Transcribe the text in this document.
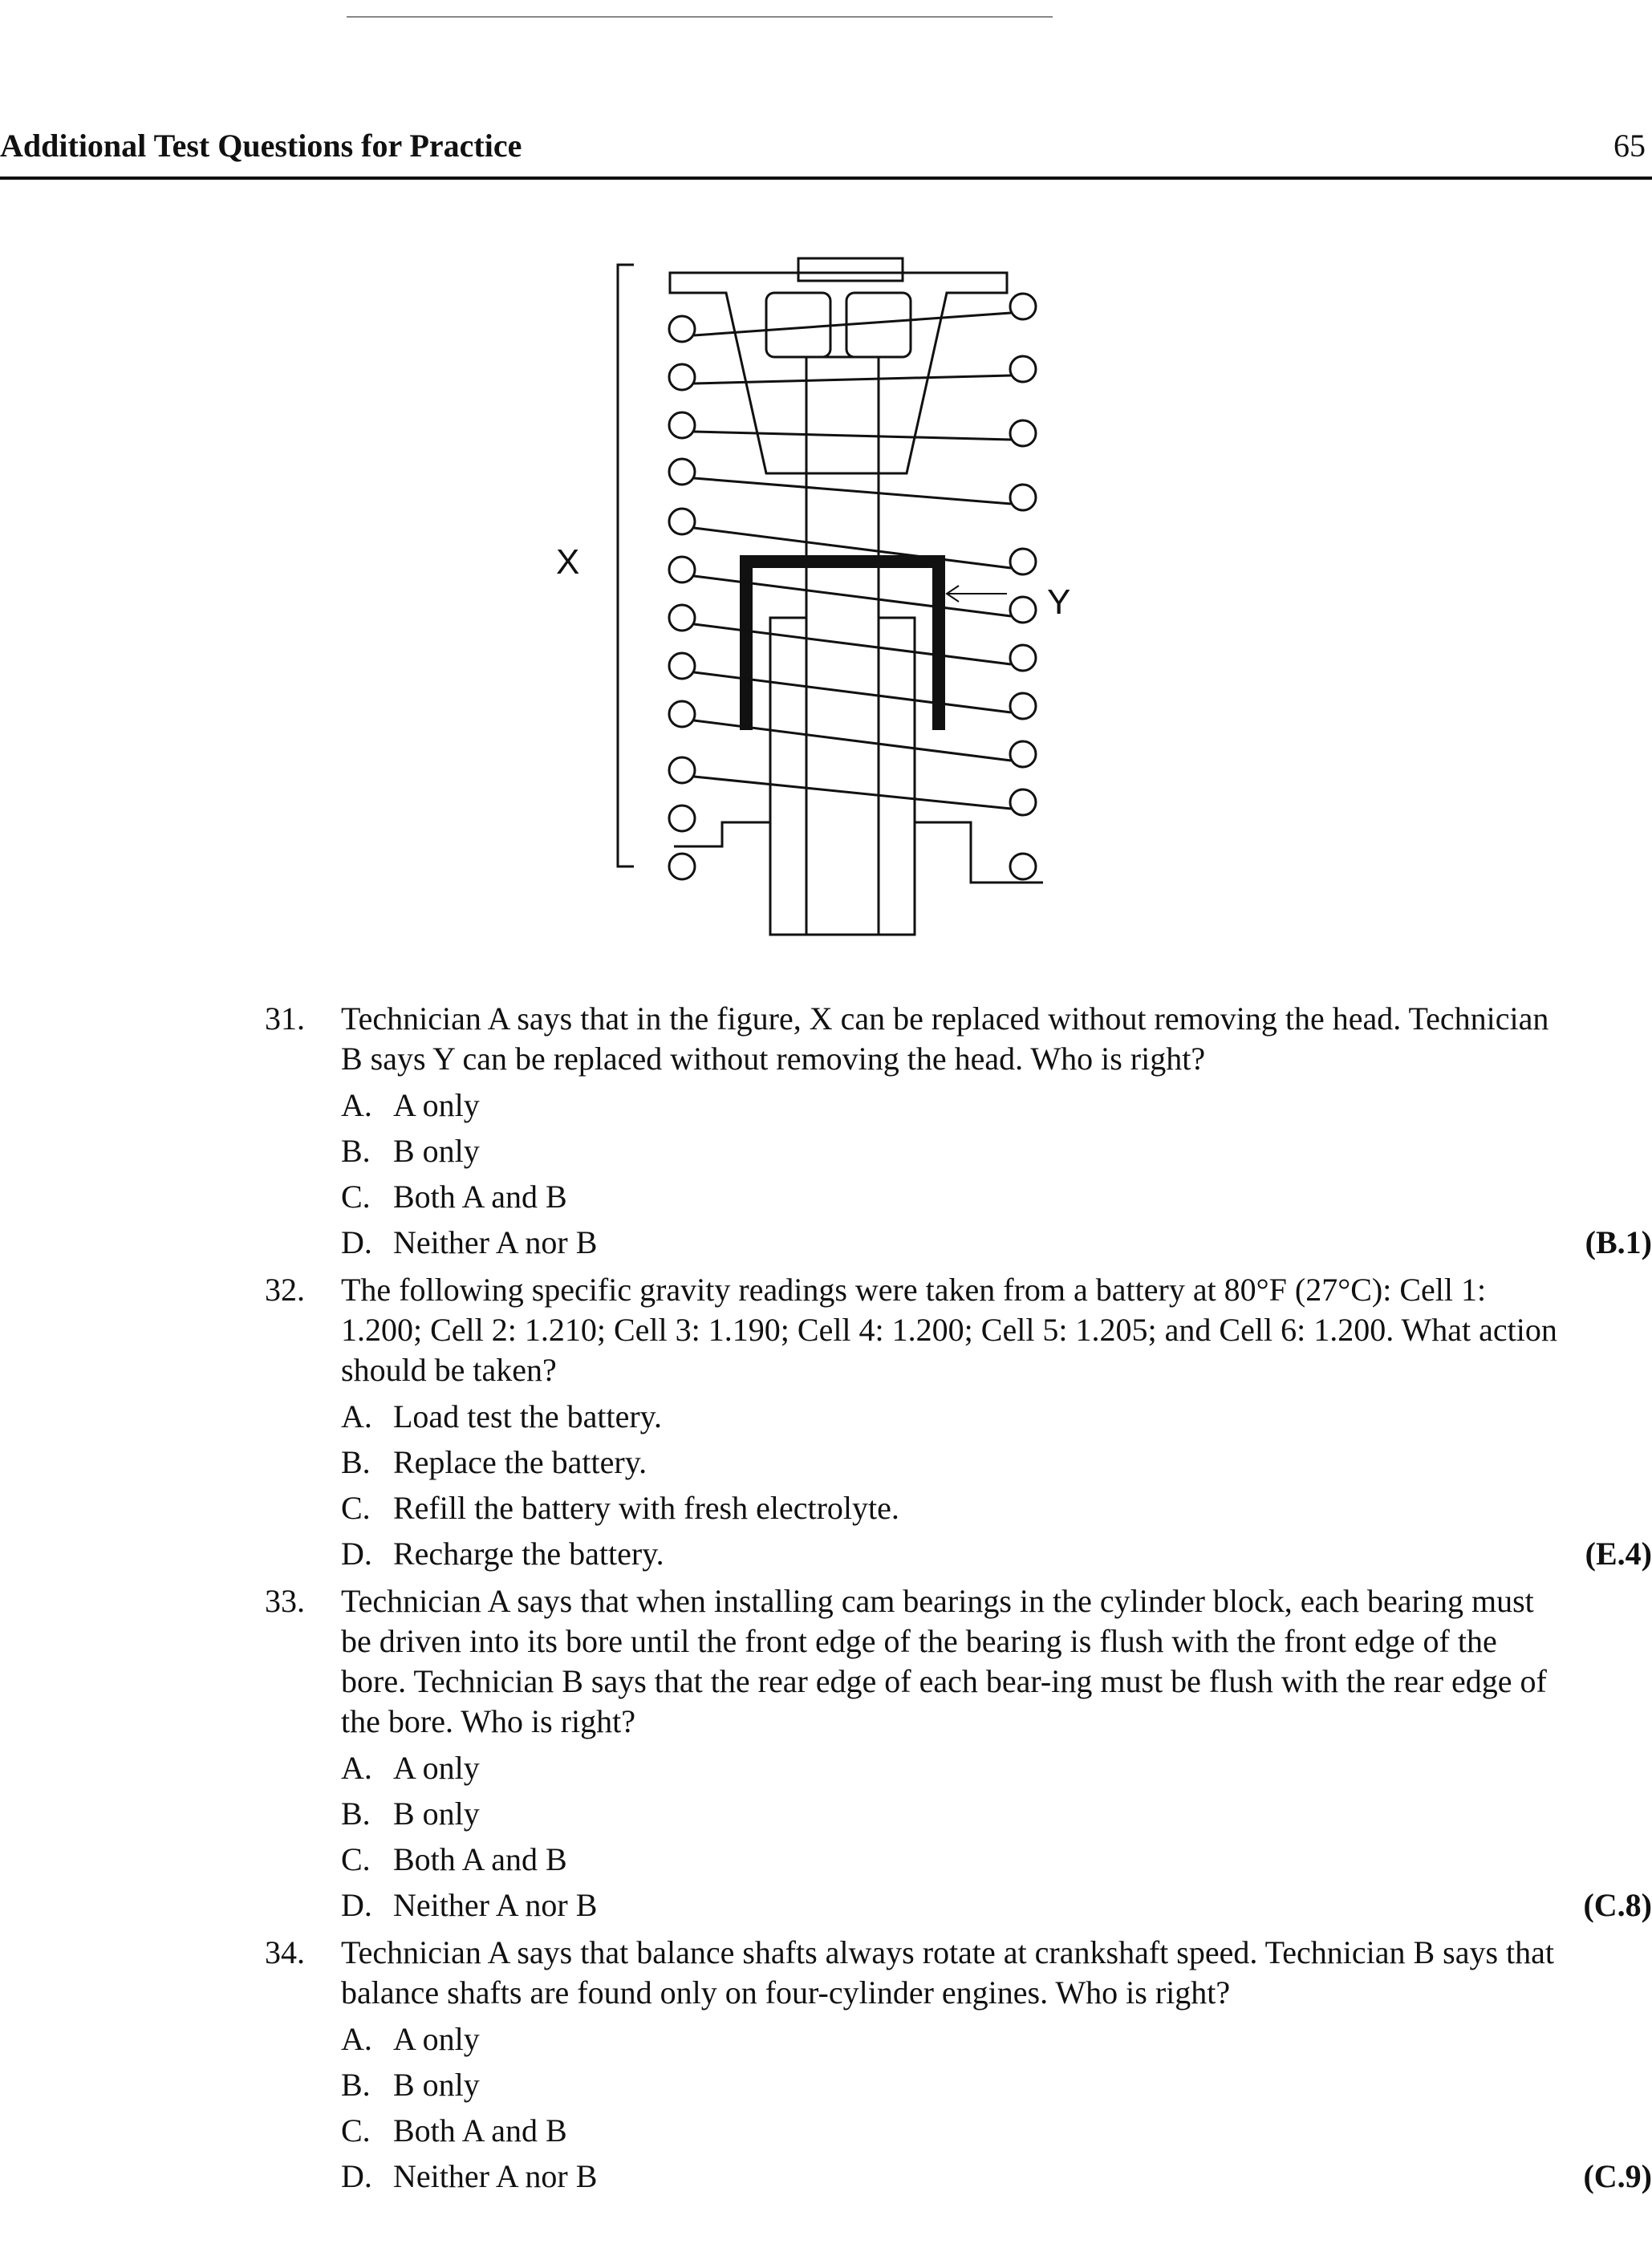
Additional Test Questions for Practice	65
X
Y
31.	Technician A says that in the figure, X can be replaced without removing the head. Technician B says Y can be replaced without removing the head. Who is right?
A. A only
B. B only
C. Both A and B
D. Neither A nor B	(B.1)
32.	The following specific gravity readings were taken from a battery at 80°F (27°C): Cell 1: 1.200; Cell 2: 1.210; Cell 3: 1.190; Cell 4: 1.200; Cell 5: 1.205; and Cell 6: 1.200. What action should be taken?
A. Load test the battery.
B. Replace the battery.
C. Refill the battery with fresh electrolyte.
D. Recharge the battery.	(E.4)
33.	Technician A says that when installing cam bearings in the cylinder block, each bearing must be driven into its bore until the front edge of the bearing is flush with the front edge of the bore. Technician B says that the rear edge of each bear-ing must be flush with the rear edge of the bore. Who is right?
A. A only
B. B only
C. Both A and B
D. Neither A nor B	(C.8)
34.	Technician A says that balance shafts always rotate at crankshaft speed. Technician B says that balance shafts are found only on four-cylinder engines. Who is right?
A. A only
B. B only
C. Both A and B
D. Neither A nor B	(C.9)
